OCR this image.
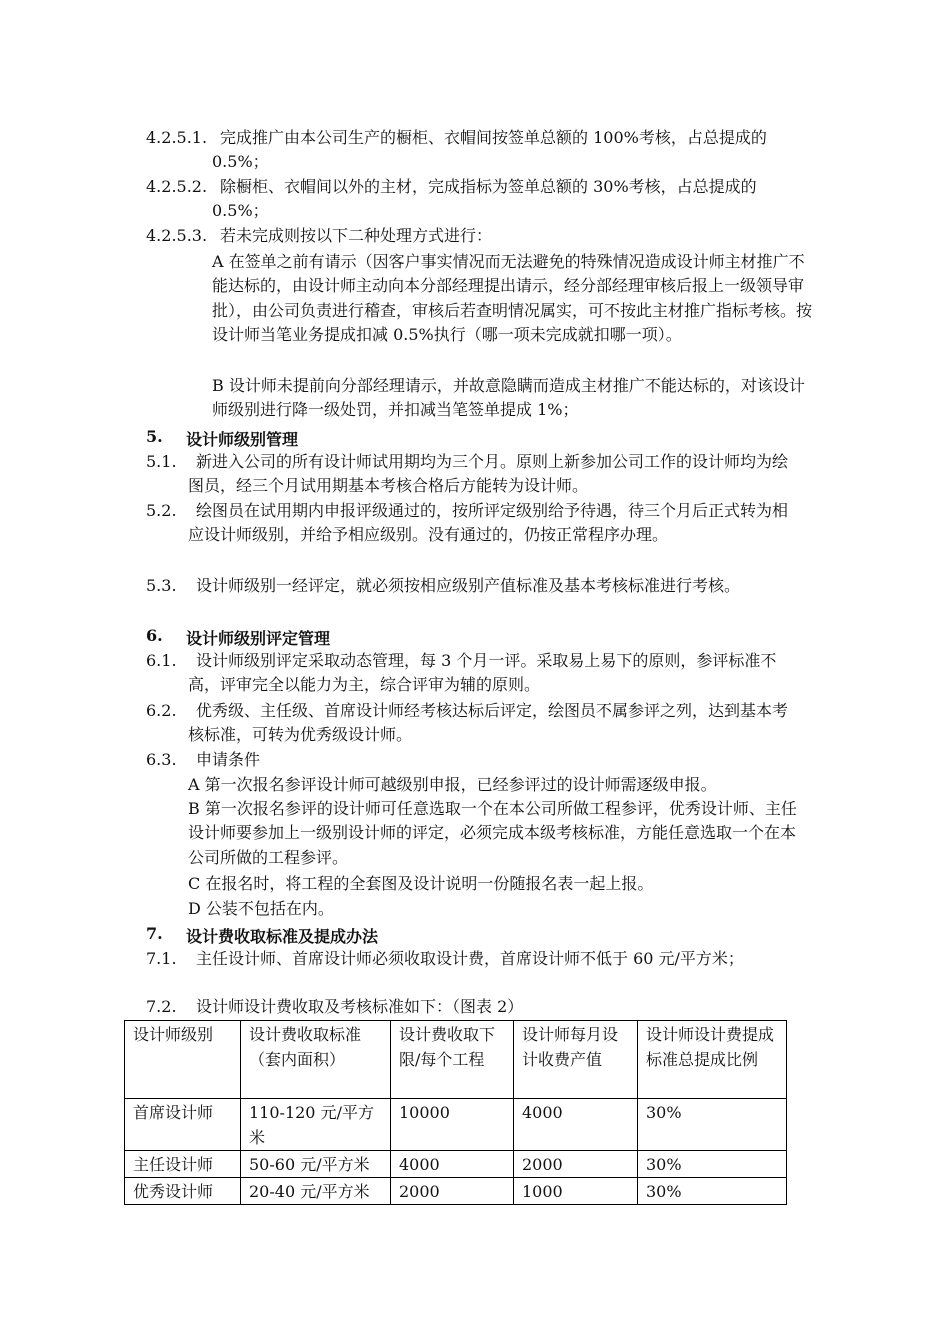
4.2.5.1. 完成推广由本公司生产的橱柜、衣帽间按签单总额的 100%考核，占总提成的 0.5%；
4.2.5.2. 除橱柜、衣帽间以外的主材，完成指标为签单总额的 30%考核，占总提成的 0.5%；
4.2.5.3. 若未完成则按以下二种处理方式进行：
A 在签单之前有请示（因客户事实情况而无法避免的特殊情况造成设计师主材推广不能达标的，由设计师主动向本分部经理提出请示，经分部经理审核后报上一级领导审批），由公司负责进行稽查，审核后若查明情况属实，可不按此主材推广指标考核。按设计师当笔业务提成扣减 0.5%执行（哪一项未完成就扣哪一项）。
B 设计师未提前向分部经理请示，并故意隐瞒而造成主材推广不能达标的，对该设计师级别进行降一级处罚，并扣减当笔签单提成 1%；
5. 设计师级别管理
5.1.	新进入公司的所有设计师试用期均为三个月。原则上新参加公司工作的设计师均为绘图员，经三个月试用期基本考核合格后方能转为设计师。
5.2.	绘图员在试用期内申报评级通过的，按所评定级别给予待遇，待三个月后正式转为相应设计师级别，并给予相应级别。没有通过的，仍按正常程序办理。
5.3.	设计师级别一经评定，就必须按相应级别产值标准及基本考核标准进行考核。
6. 设计师级别评定管理
6.1.	设计师级别评定采取动态管理，每 3 个月一评。采取易上易下的原则，参评标准不高，评审完全以能力为主，综合评审为辅的原则。
6.2.	优秀级、主任级、首席设计师经考核达标后评定，绘图员不属参评之列，达到基本考核标准，可转为优秀级设计师。
6.3.	申请条件
A 第一次报名参评设计师可越级别申报，已经参评过的设计师需逐级申报。
B 第一次报名参评的设计师可任意选取一个在本公司所做工程参评，优秀设计师、主任设计师要参加上一级别设计师的评定，必须完成本级考核标准，方能任意选取一个在本公司所做的工程参评。
C 在报名时，将工程的全套图及设计说明一份随报名表一起上报。
D 公装不包括在内。
7. 设计费收取标准及提成办法
7.1.	主任设计师、首席设计师必须收取设计费，首席设计师不低于 60 元/平方米；
7.2.	设计师设计费收取及考核标准如下：（图表 2）
设计师级别	设计费收取标准（套内面积）	设计费收取下限/每个工程	设计师每月设计收费产值	设计师设计费提成标准总提成比例
首席设计师	110-120 元/平方米	10000	4000	30%
主任设计师	50-60 元/平方米	4000	2000	30%
优秀设计师	20-40 元/平方米	2000	1000	30%
